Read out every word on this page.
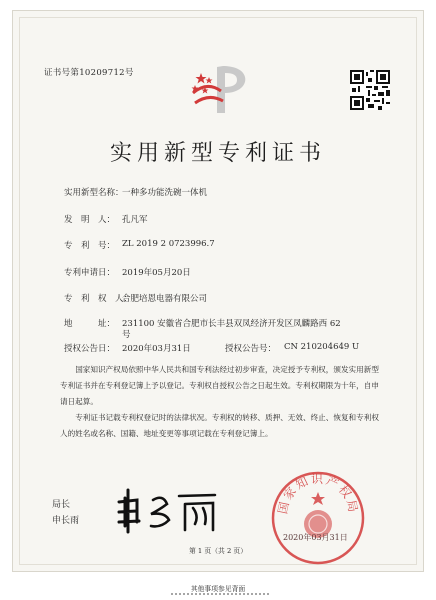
证书号第10209712号
实用新型专利证书
实用新型名称：
一种多功能洗碗一体机
发　明　人： 孔凡军
专　利　号： ZL 2019 2 0723996.7
专利申请日： 2019年05月20日
专　利　权　人：
合肥培恩电器有限公司
地　　　址： 231100 安徽省合肥市长丰县双凤经济开发区凤麟路西 62
号
授权公告日： 2020年03月31日	授权公告号： CN 210204649 U
国家知识产权局依照中华人民共和国专利法经过初步审查，决定授予专利权，颁发实用新型专利证书并在专利登记簿上予以登记。专利权自授权公告之日起生效。专利权期限为十年，自申请日起算。
专利证书记载专利权登记时的法律状况。专利权的转移、质押、无效、终止、恢复和专利权人的姓名或名称、国籍、地址变更等事项记载在专利登记簿上。
局长
申长雨
国家知识产权局
2020年03月31日
第 1 页（共 2 页）
其他事项参见背面
